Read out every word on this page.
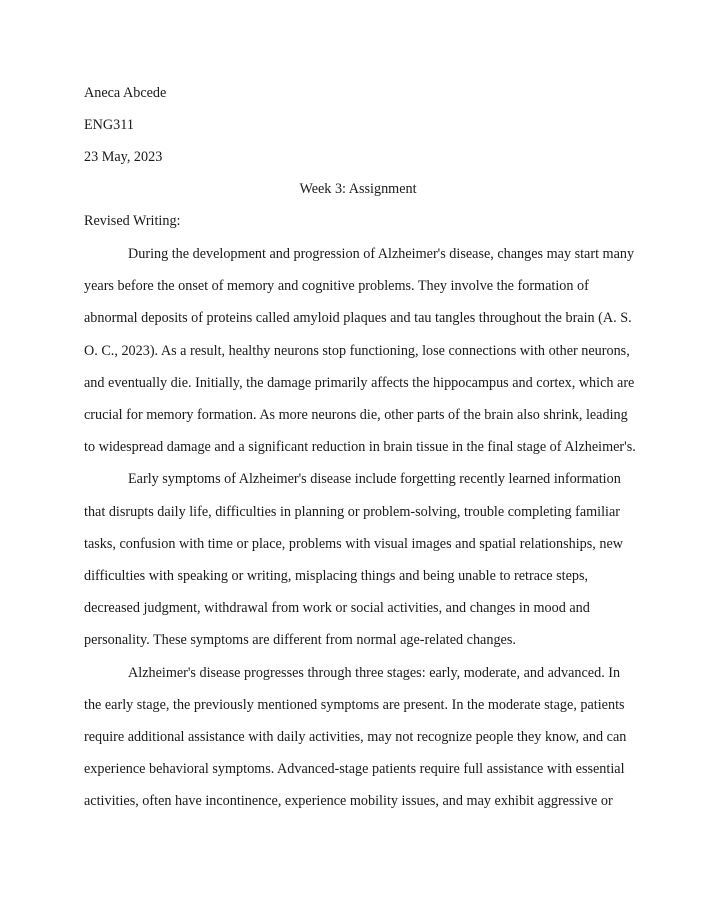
Aneca Abcede
ENG311
23 May, 2023
Week 3: Assignment
Revised Writing:
During the development and progression of Alzheimer's disease, changes may start many
years before the onset of memory and cognitive problems. They involve the formation of
abnormal deposits of proteins called amyloid plaques and tau tangles throughout the brain (A. S.
O. C., 2023). As a result, healthy neurons stop functioning, lose connections with other neurons,
and eventually die. Initially, the damage primarily affects the hippocampus and cortex, which are
crucial for memory formation. As more neurons die, other parts of the brain also shrink, leading
to widespread damage and a significant reduction in brain tissue in the final stage of Alzheimer's.
Early symptoms of Alzheimer's disease include forgetting recently learned information
that disrupts daily life, difficulties in planning or problem-solving, trouble completing familiar
tasks, confusion with time or place, problems with visual images and spatial relationships, new
difficulties with speaking or writing, misplacing things and being unable to retrace steps,
decreased judgment, withdrawal from work or social activities, and changes in mood and
personality. These symptoms are different from normal age-related changes.
Alzheimer's disease progresses through three stages: early, moderate, and advanced. In
the early stage, the previously mentioned symptoms are present. In the moderate stage, patients
require additional assistance with daily activities, may not recognize people they know, and can
experience behavioral symptoms. Advanced-stage patients require full assistance with essential
activities, often have incontinence, experience mobility issues, and may exhibit aggressive or
